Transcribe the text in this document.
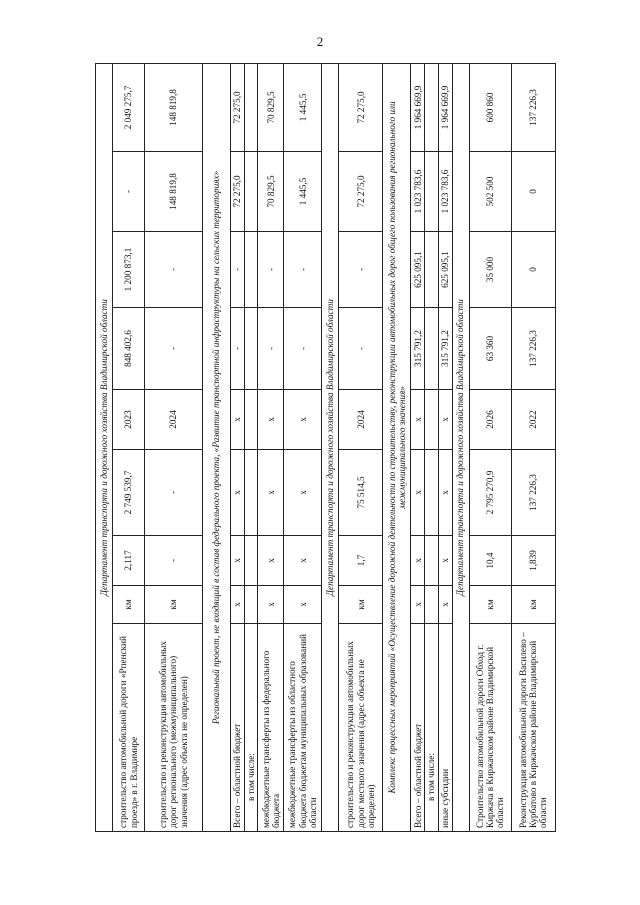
2
Департамент транспорта и дорожного хозяйства Владимирской области								
строительство автомобильной дороги «Рпенский проезд» в г. Владимире	км	2,117	2 749 539,7	2023	848 402,6	1 200 873,1	-	2 049 275,7
строительство и реконструкция автомобильных дорог регионального (межмуниципального) значения (адрес объекта не определен)	км	-	-	2024	-	-	148 819,8	148 819,8
Региональный проект, не входящий в состав федерального проекта, «Развитие транспортной инфраструктуры на сельских территориях»								
Всего – областной бюджет	x	x	x	x	-	-	72 275,0	72 275,0
в том числе:								
межбюджетные трансферты из федерального бюджета	x	x	x	x	-	-	70 829,5	70 829,5
межбюджетные трансферты из областного бюджета бюджетам муниципальных образований области	x	x	x	x	-	-	1 445,5	1 445,5
Департамент транспорта и дорожного хозяйства Владимирской области								
строительство и реконструкция автомобильных дорог местного значения (адрес объекта не определен)	км	1,7	75 514,5	2024	-	-	72 275,0	72 275,0
Комплекс процессных мероприятий «Осуществление дорожной деятельности по строительству, реконструкции автомобильных дорог общего пользования регионального или межмуниципального значения»								
Всего – областной бюджет	x	x	x	x	315 791,2	625 095,1	1 023 783,6	1 964 669,9
в том числе:								
иные субсидии	x	x	x	x	315 791,2	625 095,1	1 023 783,6	1 964 669,9
Департамент транспорта и дорожного хозяйства Владимирской области								
Строительство автомобильной дороги Обход г. Киржача в Киржачском районе Владимирской области	км	10,4	2 795 270,9	2026	63 360	35 000	502 500	600 860
Реконструкция автомобильной дороги Василево – Курбатово в Киржачском районе Владимирской области	км	1,839	137 226,3	2022	137 226,3	0	0	137 226,3
